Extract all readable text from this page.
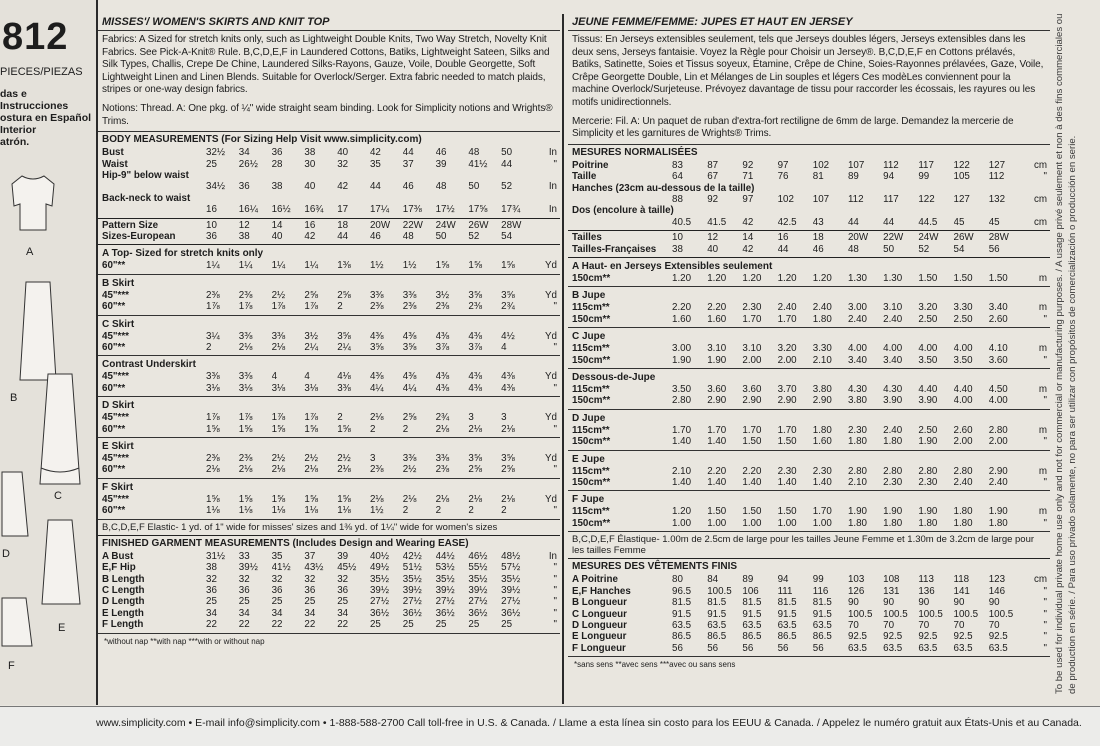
812
PIECES/PIEZAS
das e Instrucciones
ostura en Español
Interior
atrón.
A
B
C
D
E
F
MISSES'/ WOMEN'S SKIRTS AND KNIT TOP
Fabrics: A Sized for stretch knits only, such as Lightweight Double Knits, Two Way Stretch, Novelty Knit Fabrics. See Pick-A-Knit® Rule. B,C,D,E,F in Laundered Cottons, Batiks, Lightweight Sateen, Silks and Silk Types, Challis, Crepe De Chine, Laundered Silks-Rayons, Gauze, Voile, Double Georgette, Soft Lightweight Linen and Linen Blends. Suitable for Overlock/Serger. Extra fabric needed to match plaids, stripes or one-way design fabrics.
Notions: Thread. A: One pkg. of ¼" wide straight seam binding. Look for Simplicity notions and Wrights® Trims.
BODY MEASUREMENTS (For Sizing Help Visit www.simplicity.com)
Bust	32½	34	36	38	40	42	44	46	48	50	In
Waist	25	26½	28	30	32	35	37	39	41½	44	"
Hip-9" below waist											
	34½	36	38	40	42	44	46	48	50	52	In
Back-neck to waist											
	16	16¼	16½	16¾	17	17¼	17⅜	17½	17⅝	17¾	In
Pattern Size	10	12	14	16	18	20W	22W	24W	26W	28W	
Sizes-European	36	38	40	42	44	46	48	50	52	54	
A Top- Sized for stretch knits only
60"**	1¼	1¼	1¼	1¼	1⅜	1½	1½	1⅝	1⅝	1⅝	Yd
B Skirt
45"***	2⅜	2⅜	2½	2⅝	2⅝	3⅜	3⅜	3½	3⅝	3⅝	Yd
60"**	1⅞	1⅞	1⅞	1⅞	2	2⅜	2⅜	2⅜	2⅜	2¾	"
C Skirt
45"***	3¼	3⅜	3⅜	3½	3⅝	4⅜	4⅜	4⅜	4⅜	4½	Yd
60"**	2	2⅛	2⅛	2¼	2¼	3⅝	3⅝	3⅞	3⅞	4	"
Contrast Underskirt
45"***	3⅜	3⅜	4	4	4⅛	4⅜	4⅜	4⅜	4⅜	4⅜	Yd
60"**	3⅛	3⅛	3⅛	3⅛	3⅜	4¼	4¼	4⅜	4⅜	4⅜	"
D Skirt
45"***	1⅞	1⅞	1⅞	1⅞	2	2⅛	2⅝	2¾	3	3	Yd
60"**	1⅝	1⅝	1⅝	1⅝	1⅝	2	2	2⅛	2⅛	2⅛	"
E Skirt
45"***	2⅜	2⅜	2½	2½	2½	3	3⅜	3⅜	3⅝	3⅝	Yd
60"**	2⅛	2⅛	2⅛	2⅛	2⅛	2⅜	2½	2⅜	2⅝	2⅝	"
F Skirt
45"***	1⅝	1⅝	1⅝	1⅝	1⅝	2⅛	2⅛	2⅛	2⅛	2⅛	Yd
60"**	1⅛	1⅛	1⅛	1⅛	1⅛	1½	2	2	2	2	"
B,C,D,E,F Elastic- 1 yd. of 1" wide for misses' sizes and 1⅜ yd. of 1¼" wide for women's sizes
FINISHED GARMENT MEASUREMENTS (Includes Design and Wearing EASE)
A Bust	31½	33	35	37	39	40½	42½	44½	46½	48½	In
E,F Hip	38	39½	41½	43½	45½	49½	51½	53½	55½	57½	"
B Length	32	32	32	32	32	35½	35½	35½	35½	35½	"
C Length	36	36	36	36	36	39½	39½	39½	39½	39½	"
D Length	25	25	25	25	25	27½	27½	27½	27½	27½	"
E Length	34	34	34	34	34	36½	36½	36½	36½	36½	"
F Length	22	22	22	22	22	25	25	25	25	25	"
*without nap **with nap ***with or without nap
JEUNE FEMME/FEMME: JUPES ET HAUT EN JERSEY
Tissus: En Jerseys extensibles seulement, tels que Jerseys doubles légers, Jerseys extensibles dans les deux sens, Jerseys fantaisie. Voyez la Règle pour Choisir un Jersey®. B,C,D,E,F en Cottons prélavés, Batiks, Satinette, Soies et Tissus soyeux, Étamine, Crêpe de Chine, Soies-Rayonnes prélavées, Gaze, Voile, Crêpe Georgette Double, Lin et Mélanges de Lin souples et légers Ces modèLes conviennent pour la machine Overlock/Surjeteuse. Prévoyez davantage de tissu pour raccorder les écossais, les rayures ou les motifs unidirectionnels.
Mercerie: Fil. A: Un paquet de ruban d'extra-fort rectiligne de 6mm de large. Demandez la mercerie de Simplicity et les garnitures de Wrights® Trims.
MESURES NORMALISÉES
Poitrine	83	87	92	97	102	107	112	117	122	127	cm
Taille	64	67	71	76	81	89	94	99	105	112	"
Hanches (23cm au-dessous de la taille)											
	88	92	97	102	107	112	117	122	127	132	cm
Dos (encolure à taille)											
	40.5	41.5	42	42.5	43	44	44	44.5	45	45	cm
Tailles	10	12	14	16	18	20W	22W	24W	26W	28W	
Tailles-Françaises	38	40	42	44	46	48	50	52	54	56	
A Haut- en Jerseys Extensibles seulement
150cm**	1.20	1.20	1.20	1.20	1.20	1.30	1.30	1.50	1.50	1.50	m
B Jupe
115cm**	2.20	2.20	2.30	2.40	2.40	3.00	3.10	3.20	3.30	3.40	m
150cm**	1.60	1.60	1.70	1.70	1.80	2.40	2.40	2.50	2.50	2.60	"
C Jupe
115cm**	3.00	3.10	3.10	3.20	3.30	4.00	4.00	4.00	4.00	4.10	m
150cm**	1.90	1.90	2.00	2.00	2.10	3.40	3.40	3.50	3.50	3.60	"
Dessous-de-Jupe
115cm**	3.50	3.60	3.60	3.70	3.80	4.30	4.30	4.40	4.40	4.50	m
150cm**	2.80	2.90	2.90	2.90	2.90	3.80	3.90	3.90	4.00	4.00	"
D Jupe
115cm**	1.70	1.70	1.70	1.70	1.80	2.30	2.40	2.50	2.60	2.80	m
150cm**	1.40	1.40	1.50	1.50	1.60	1.80	1.80	1.90	2.00	2.00	"
E Jupe
115cm**	2.10	2.20	2.20	2.30	2.30	2.80	2.80	2.80	2.80	2.90	m
150cm**	1.40	1.40	1.40	1.40	1.40	2.10	2.30	2.30	2.40	2.40	"
F Jupe
115cm**	1.20	1.50	1.50	1.50	1.70	1.90	1.90	1.90	1.80	1.90	m
150cm**	1.00	1.00	1.00	1.00	1.00	1.80	1.80	1.80	1.80	1.80	"
B,C,D,E,F Élastique- 1.00m de 2.5cm de large pour les tailles Jeune Femme et 1.30m de 3.2cm de large pour les tailles Femme
MESURES DES VÊTEMENTS FINIS
A Poitrine	80	84	89	94	99	103	108	113	118	123	cm
E,F Hanches	96.5	100.5	106	111	116	126	131	136	141	146	"
B Longueur	81.5	81.5	81.5	81.5	81.5	90	90	90	90	90	"
C Longueur	91.5	91.5	91.5	91.5	91.5	100.5	100.5	100.5	100.5	100.5	"
D Longueur	63.5	63.5	63.5	63.5	63.5	70	70	70	70	70	"
E Longueur	86.5	86.5	86.5	86.5	86.5	92.5	92.5	92.5	92.5	92.5	"
F Longueur	56	56	56	56	56	63.5	63.5	63.5	63.5	63.5	"
*sans sens **avec sens ***avec ou sans sens	To be used for individual private home use only and not for commercial or manufacturing purposes. / A usage privé seulement et non à des fins commerciales ou de production en série. / Para uso privado solamente, no para ser utilizar con propósitos de comercialización o producción en serie.
www.simplicity.com • E-mail info@simplicity.com • 1-888-588-2700 Call toll-free in U.S. & Canada. / Llame a esta línea sin costo para los EEUU & Canada. / Appelez le numéro gratuit aux États-Unis et au Canada.
